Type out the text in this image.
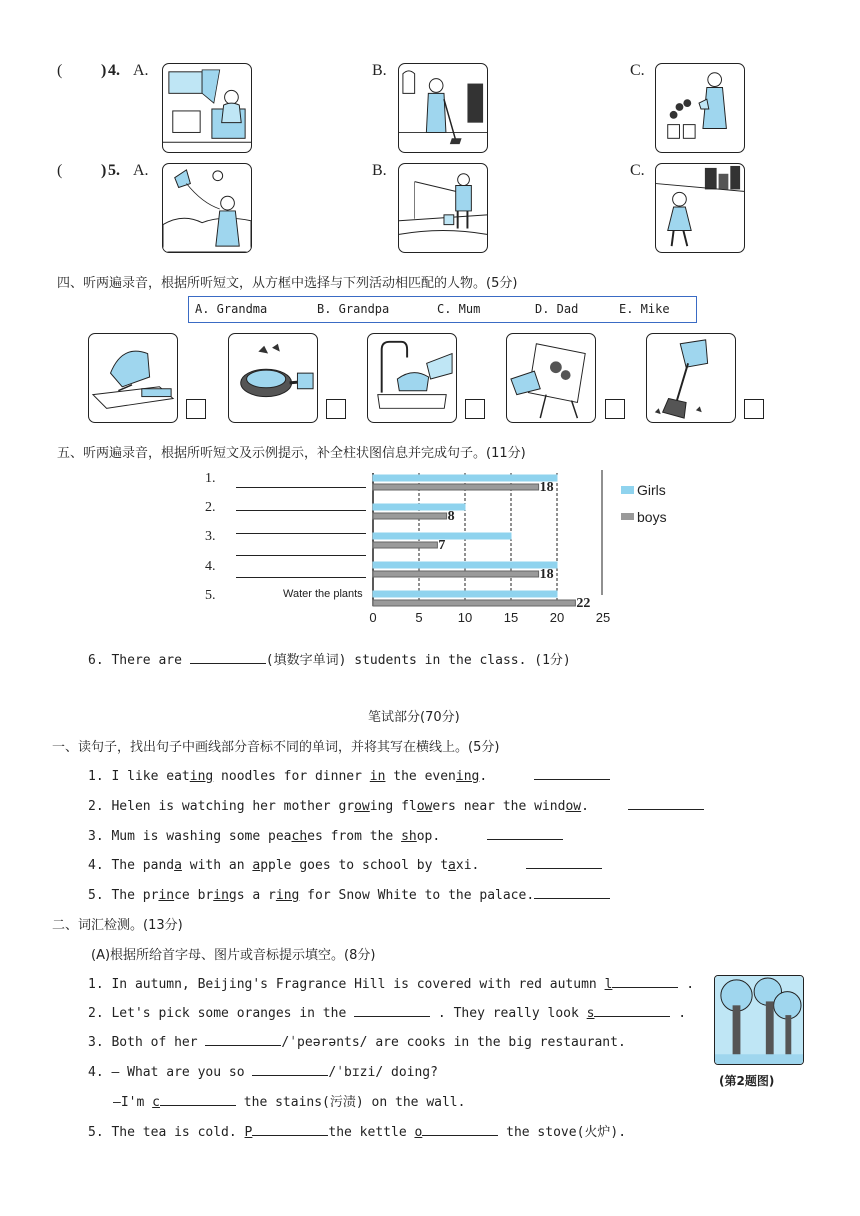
( ) 4. A.	B.	C.
( ) 5. A.	B.	C.
四、听两遍录音，根据所听短文，从方框中选择与下列活动相匹配的人物。(5分)
A. Grandma	B. Grandpa	C. Mum	D. Dad	E. Mike
五、听两遍录音，根据所听短文及示例提示，补全柱状图信息并完成句子。(11分)
1.
2.
3.
4.
5.	Water the plants
18
8
7
18
22
0	5	10 15 20 25
Girls
boys
6. There are	(填数字单词) students in the class. (1分)
笔试部分(70分)
一、读句子，找出句子中画线部分音标不同的单词，并将其写在横线上。(5分)
1. I like eating noodles for dinner in the evening.
2. Helen is watching her mother growing flowers near the window.
3. Mum is washing some peaches from the shop.
4. The panda with an apple goes to school by taxi.
5. The prince brings a ring for Snow White to the palace.
二、词汇检测。(13分)
(A)根据所给首字母、图片或音标提示填空。(8分)
1. In autumn, Beijing's Fragrance Hill is covered with red autumn l	.
2. Let's pick some oranges in the	. They really look s	.
3. Both of her	/ˈpeərənts/ are cooks in the big restaurant.
4. — What are you so	/ˈbɪzi/ doing?
—I'm c	the stains(污渍) on the wall.
5. The tea is cold. P	the kettle o	the stove(火炉).
(第2题图)
